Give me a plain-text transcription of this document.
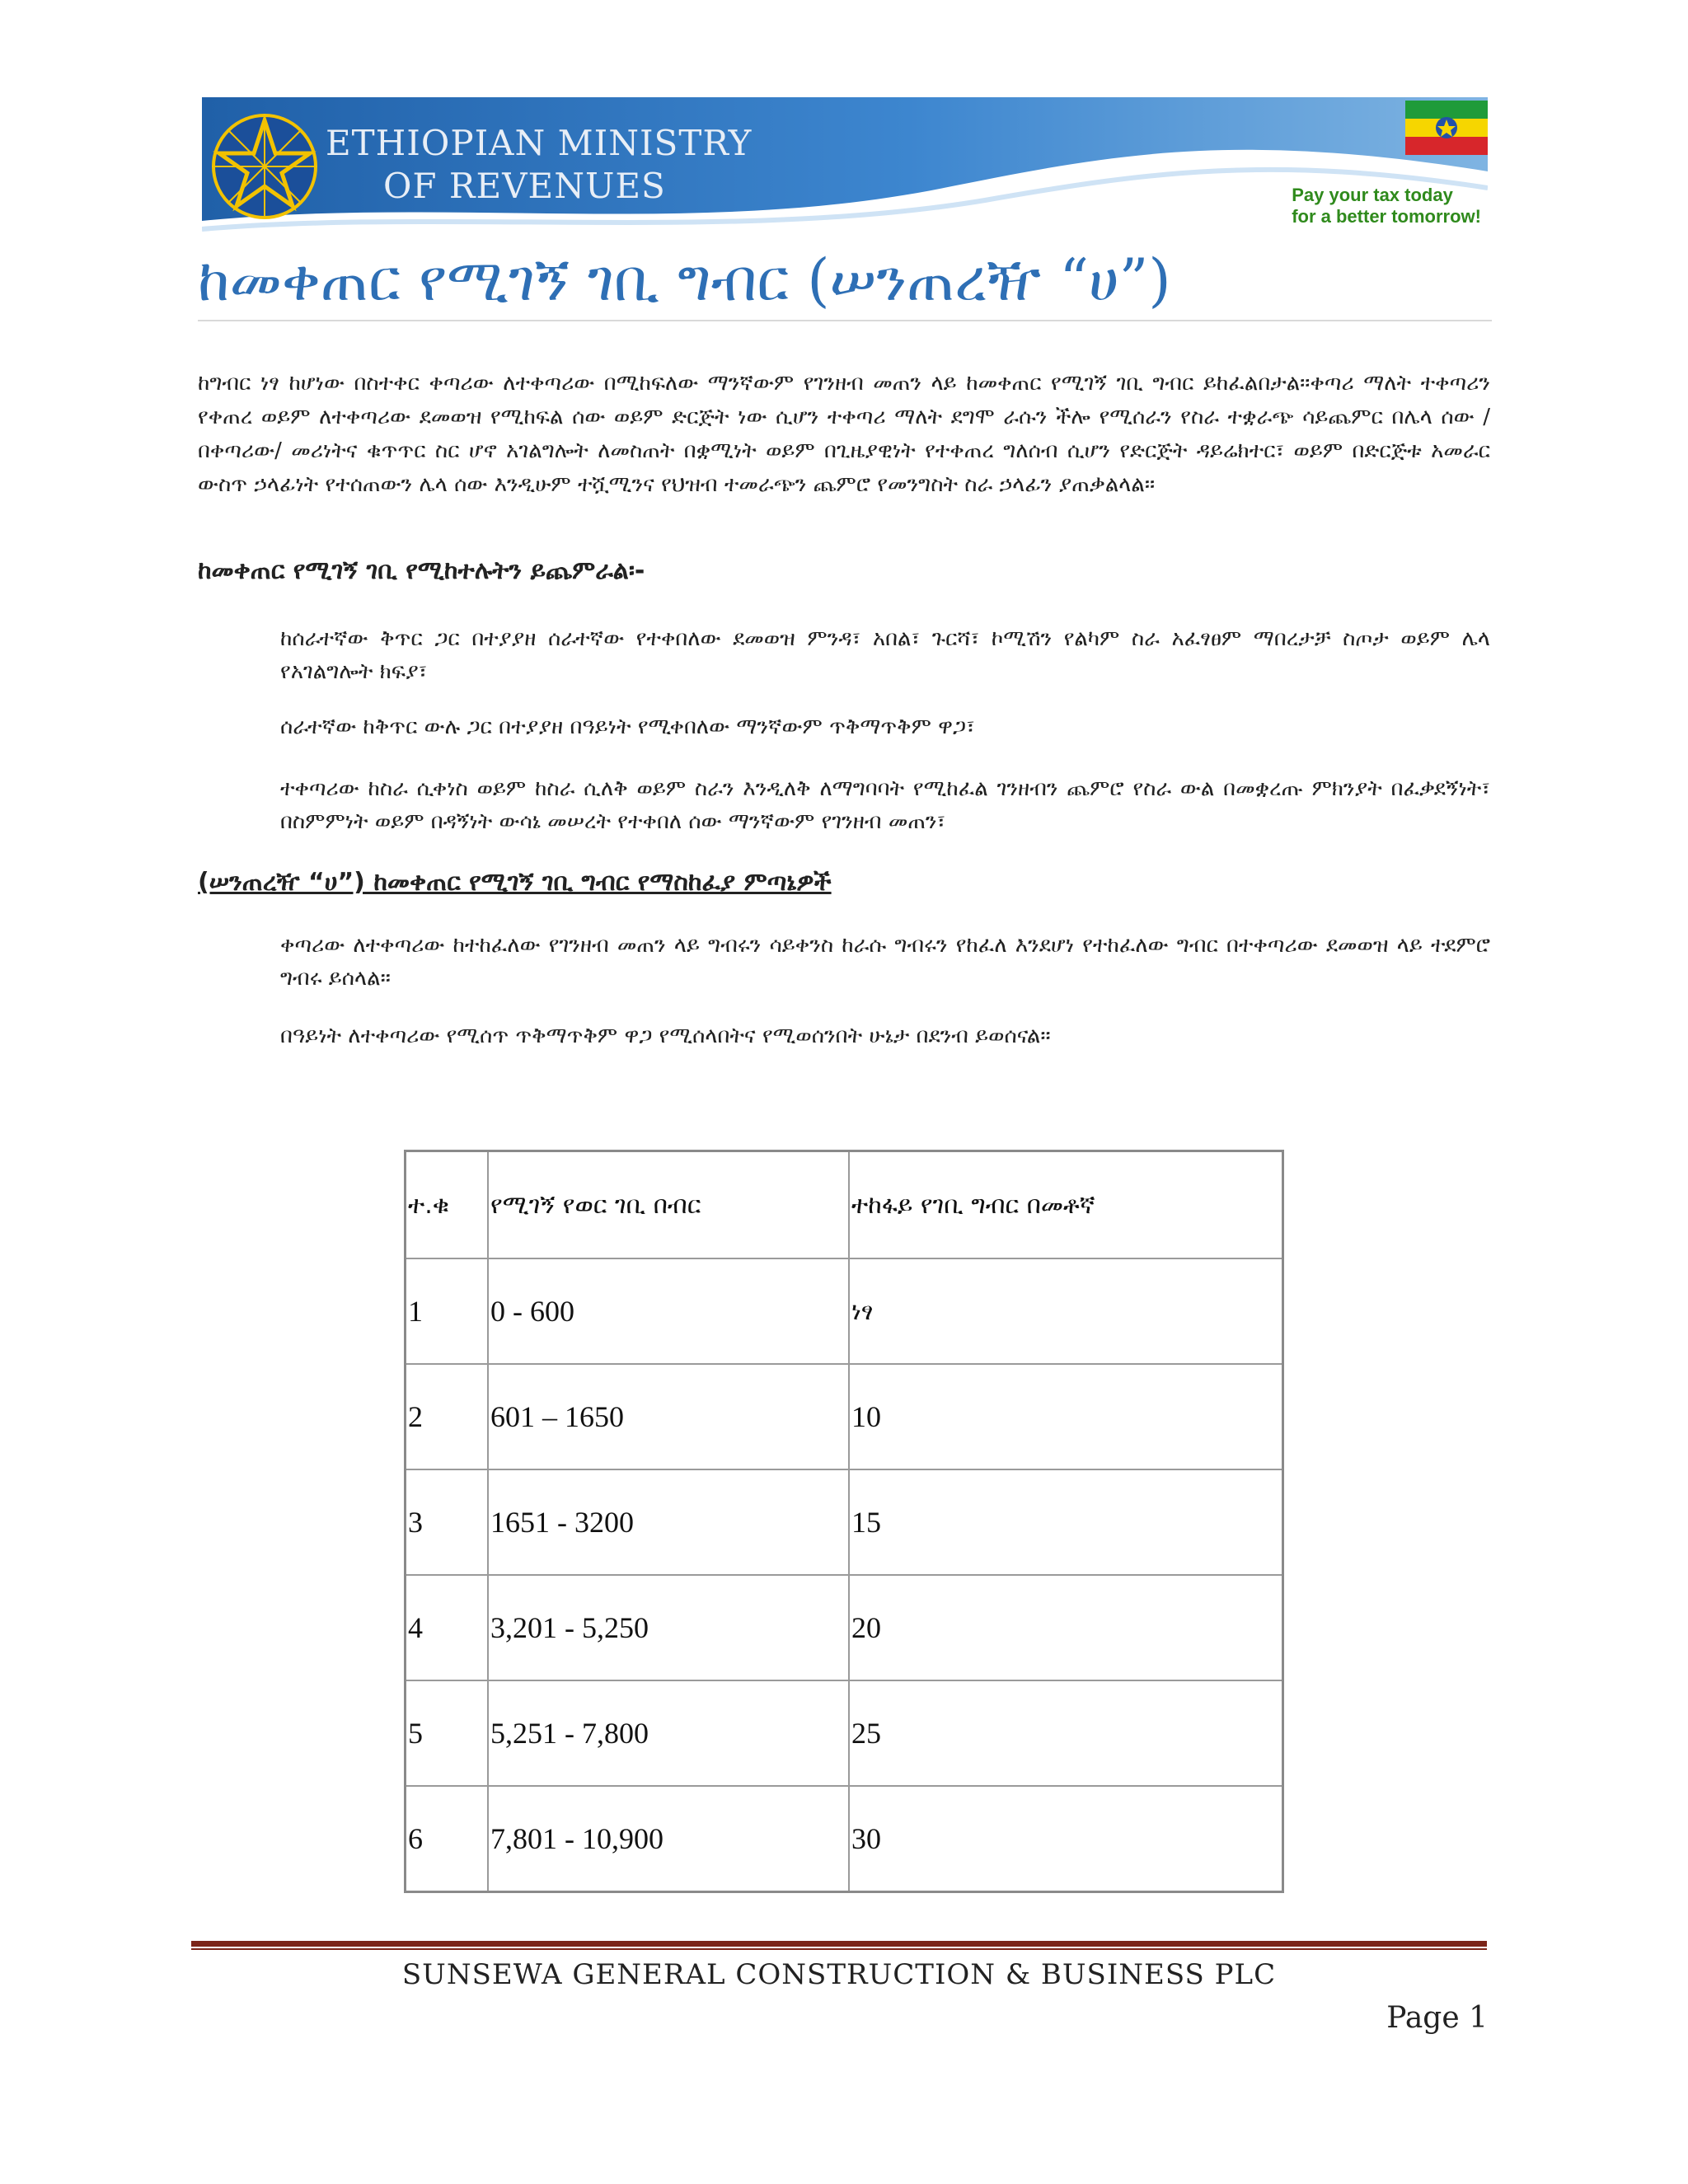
ETHIOPIAN MINISTRY
OF REVENUES	Pay your tax today
for a better tomorrow!
ከመቀጠር የሚገኝ ገቢ ግብር (ሠንጠረዥ “ሀ”)

ከግብር ነፃ ከሆነው በስተቀር ቀጣሪው ለተቀጣሪው በሚከፍለው ማንኛውም የገንዘብ መጠን ላይ ከመቀጠር የሚገኝ ገቢ ግብር ይከፈልበታል፡፡ቀጣሪ ማለት ተቀጣሪን የቀጠረ ወይም ለተቀጣሪው ደመወዝ የሚከፍል ሰው ወይም ድርጅት ነው ሲሆን ተቀጣሪ ማለት ደግሞ ራሱን ችሎ የሚሰራን የስራ ተቋራጭ ሳይጨምር በሌላ ሰው /በቀጣሪው/ መሪነትና ቁጥጥር ስር ሆኖ አገልግሎት ለመስጠት በቋሚነት ወይም በጊዜያዊነት የተቀጠረ ግለሰብ ሲሆን የድርጅት ዳይሬክተር፣ ወይም በድርጅቱ አመራር ውስጥ ኃላፊነት የተሰጠውን ሌላ ሰው እንዲሁም ተሿሚንና የህዝብ ተመራጭን ጨምሮ የመንግስት ስራ ኃላፊን ያጠቃልላል፡፡

ከመቀጠር የሚገኝ ገቢ የሚከተሉትን ይጨምራል፡-

ከሰራተኛው ቅጥር ጋር በተያያዘ ሰራተኛው የተቀበለው ደመወዝ ምንዳ፣ አበል፣ ጉርሻ፣ ኮሚሽን የልካም ስራ አፈፃፀም ማበረታቻ ስጦታ ወይም ሌላ የአገልግሎት ክፍያ፣

ሰራተኛው ከቅጥር ውሉ ጋር በተያያዘ በዓይነት የሚቀበለው ማንኛውም ጥቅማጥቅም ዋጋ፣

ተቀጣሪው ከስራ ሲቀነስ ወይም ከስራ ሲለቅ ወይም ስራን እንዲለቅ ለማግባባት የሚከፈል ገንዘብን ጨምሮ የስራ ውል በመቋረጡ ምክንያት በፈቃደኝነት፣ በስምምነት ወይም በዳኝነት ውሳኔ መሠረት የተቀበለ ሰው ማንኛውም የገንዘብ መጠን፣

(ሠንጠረዥ “ሀ”) ከመቀጠር የሚገኝ ገቢ ግብር የማስከፈያ ምጣኔዎች

ቀጣሪው ለተቀጣሪው ከተከፈለው የገንዘብ መጠን ላይ ግብሩን ሳይቀንስ ከራሱ ግብሩን የከፈለ እንደሆነ የተከፈለው ግብር በተቀጣሪው ደመወዝ ላይ ተደምሮ ግብሩ ይሰላል፡፡

በዓይነት ለተቀጣሪው የሚሰጥ ጥቅማጥቅም ዋጋ የሚሰላበትና የሚወሰንበት ሁኔታ በደንብ ይወሰናል፡፡

ተ.ቁ	የሚገኝ የወር ገቢ በብር	ተከፋይ የገቢ ግብር በመቶኛ
1	0 - 600	ነፃ
2	601 – 1650	10
3	1651 - 3200	15
4	3,201 - 5,250	20
5	5,251 - 7,800	25
6	7,801 - 10,900	30
SUNSEWA GENERAL CONSTRUCTION & BUSINESS PLC
Page 1
